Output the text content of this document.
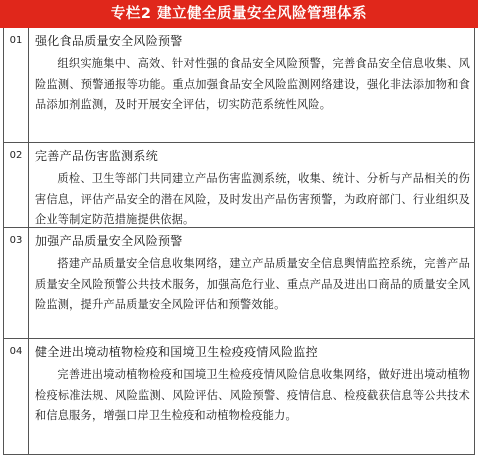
专栏2 建立健全质量安全风险管理体系
01	强化食品质量安全风险预警

组织实施集中、高效、针对性强的食品安全风险预警，完善食品安全信息收集、风险监测、预警通报等功能。重点加强食品安全风险监测网络建设，强化非法添加物和食品添加剂监测，及时开展安全评估，切实防范系统性风险。

02	完善产品伤害监测系统

质检、卫生等部门共同建立产品伤害监测系统，收集、统计、分析与产品相关的伤害信息，评估产品安全的潜在风险，及时发出产品伤害预警，为政府部门、行业组织及企业等制定防范措施提供依据。

03	加强产品质量安全风险预警

搭建产品质量安全信息收集网络，建立产品质量安全信息舆情监控系统，完善产品质量安全风险预警公共技术服务，加强高危行业、重点产品及进出口商品的质量安全风险监测，提升产品质量安全风险评估和预警效能。

04	健全进出境动植物检疫和国境卫生检疫疫情风险监控

完善进出境动植物检疫和国境卫生检疫疫情风险信息收集网络，做好进出境动植物检疫标准法规、风险监测、风险评估、风险预警、疫情信息、检疫截获信息等公共技术和信息服务，增强口岸卫生检疫和动植物检疫能力。
